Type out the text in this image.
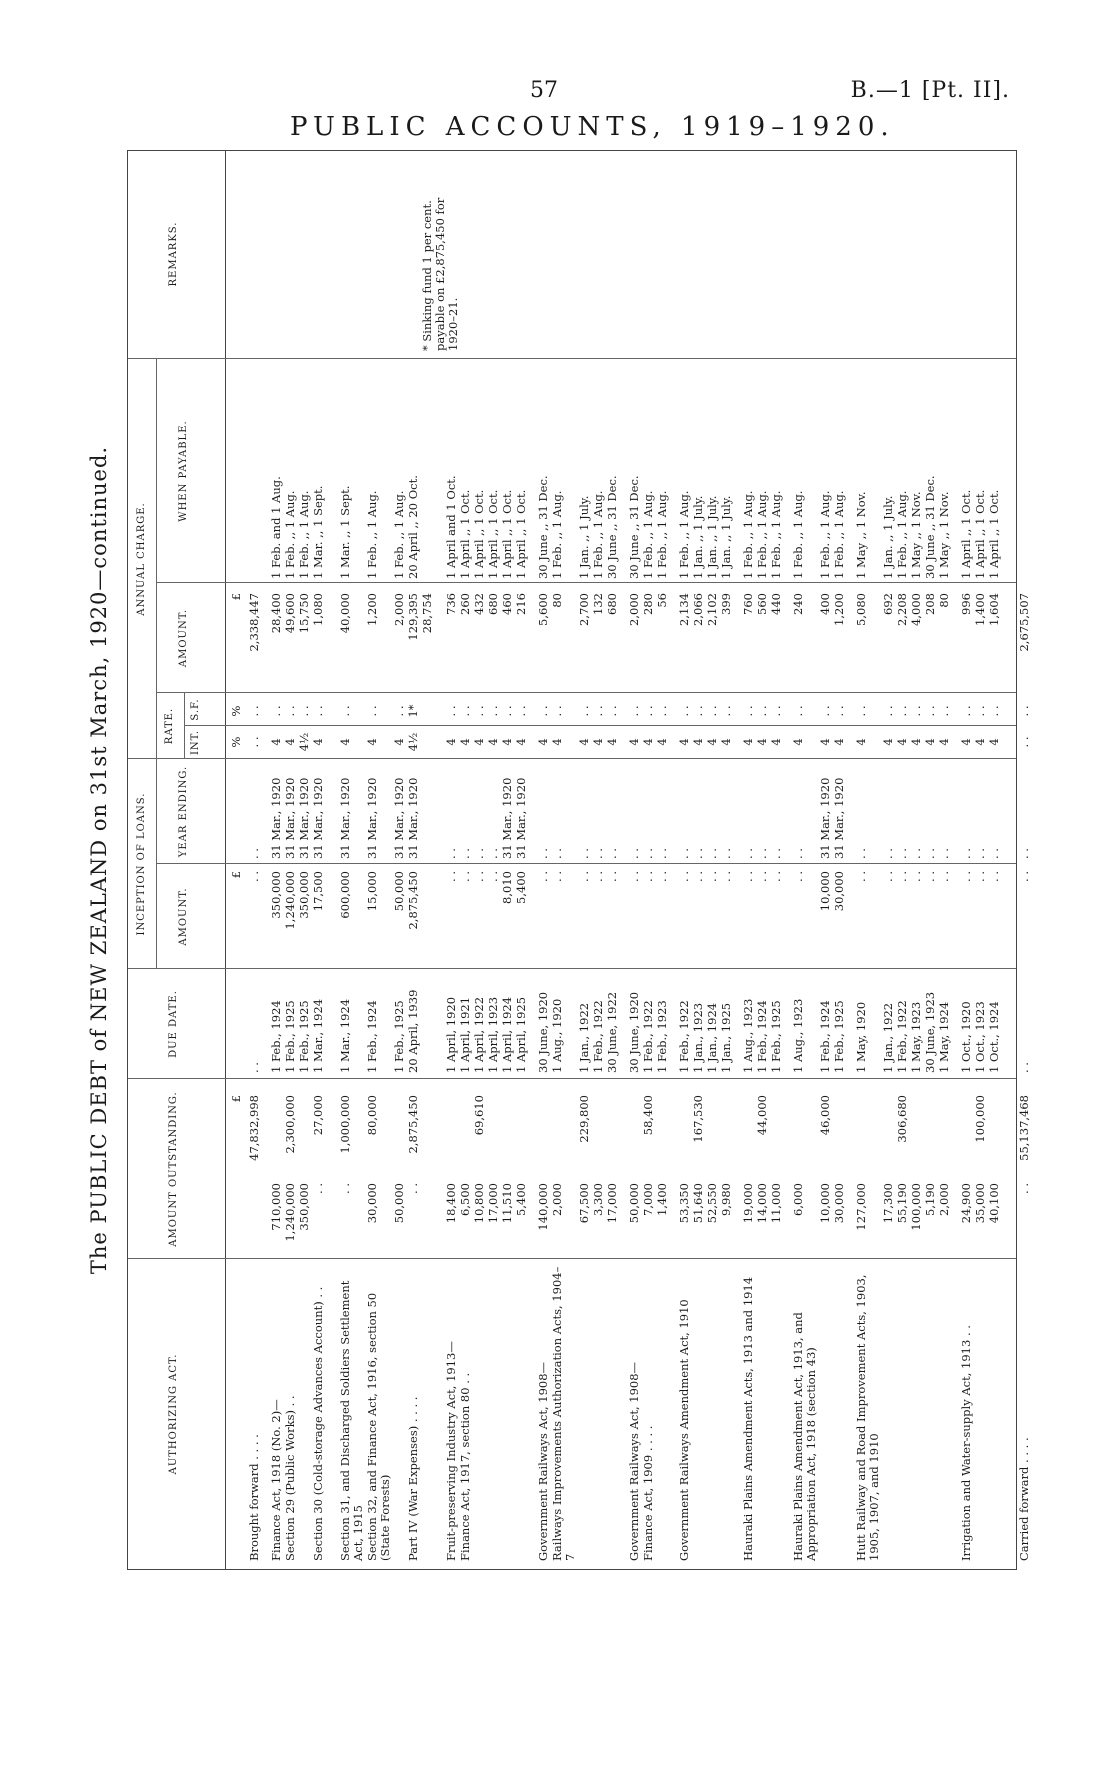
57	B.—1 [Pt. II].
PUBLIC ACCOUNTS, 1919–1920.
The PUBLIC DEBT of NEW ZEALAND on 31st March, 1920—continued.
AUTHORIZING ACT.
AMOUNT OUTSTANDING.
DUE DATE.
INCEPTION OF LOANS.	AMOUNT.
YEAR ENDING.
ANNUAL CHARGE.
RATE. INT.
S.F.
AMOUNT.
WHEN PAYABLE.
REMARKS.
£
£
%
%
£
Brought forward . . . .
47,832,998
. .
. .
. .
. .
. .
2,338,447
Finance Act, 1918 (No. 2)—
710,000
1 Feb., 1924
350,000
31 Mar., 1920
4
. .
28,400
1 Feb. and 1 Aug.
Section 29 (Public Works) . .
1,240,000
2,300,000
1 Feb., 1925
1,240,000
31 Mar., 1920
4
. .
49,600
1 Feb. ,, 1 Aug.
350,000
1 Feb., 1925
350,000
31 Mar., 1920
4½
. .
15,750
1 Feb. ,, 1 Aug.
Section 30 (Cold-storage Advances Account) . .
. .
27,000
1 Mar., 1924
17,500
31 Mar., 1920
4
. .
1,080
1 Mar. ,, 1 Sept.
Section 31, and Discharged Soldiers Settlement Act, 1915
. .
1,000,000
1 Mar., 1924
600,000
31 Mar., 1920
4
. .
40,000
1 Mar. ,, 1 Sept.
Section 32, and Finance Act, 1916, section 50 (State Forests)
30,000
80,000
1 Feb., 1924
15,000
31 Mar., 1920
4
. .
1,200
1 Feb. ,, 1 Aug.
50,000
1 Feb., 1925
50,000
31 Mar., 1920
4
. .
2,000
1 Feb. ,, 1 Aug.
Part IV (War Expenses) . . . .
. .
2,875,450
20 April, 1939
2,875,450
31 Mar., 1920
4½
1*
129,395
20 April ,, 20 Oct.
28,754
* Sinking fund 1 per cent. payable on £2,875,450 for 1920–21.
Fruit-preserving Industry Act, 1913—
18,400
1 April, 1920
. .
. .
4
. .
736
1 April and 1 Oct.
Finance Act, 1917, section 80 . .
6,500
1 April, 1921
. .
. .
4
. .
260
1 April ,, 1 Oct.
10,800
69,610
1 April, 1922
. .
. .
4
. .
432
1 April ,, 1 Oct.
17,000
1 April, 1923
. .
. .
4
. .
680
1 April ,, 1 Oct.
11,510
1 April, 1924
8,010
31 Mar., 1920
4
. .
460
1 April ,, 1 Oct.
5,400
1 April, 1925
5,400
31 Mar., 1920
4
. .
216
1 April ,, 1 Oct.
Government Railways Act, 1908—
140,000
30 June, 1920
. .
. .
4
. .
5,600
30 June ,, 31 Dec.
Railways Improvements Authorization Acts, 1904–7
2,000
1 Aug., 1920
. .
. .
4
. .
80
1 Feb. ,, 1 Aug.
67,500
229,800
1 Jan., 1922
. .
. .
4
. .
2,700
1 Jan. ,, 1 July.
3,300
1 Feb., 1922
. .
. .
4
. .
132
1 Feb. ,, 1 Aug.
17,000
30 June, 1922
. .
. .
4
. .
680
30 June ,, 31 Dec.
Government Railways Act, 1908—
50,000
30 June, 1920
. .
. .
4
. .
2,000
30 June ,, 31 Dec.
Finance Act, 1909 . . . .
7,000
58,400
1 Feb., 1922
. .
. .
4
. .
280
1 Feb. ,, 1 Aug.
1,400
1 Feb., 1923
. .
. .
4
. .
56
1 Feb. ,, 1 Aug.
Government Railways Amendment Act, 1910
53,350
1 Feb., 1922
. .
. .
4
. .
2,134
1 Feb. ,, 1 Aug.
51,640
167,530
1 Jan., 1923
. .
. .
4
. .
2,066
1 Jan. ,, 1 July.
52,550
1 Jan., 1924
. .
. .
4
. .
2,102
1 Jan. ,, 1 July.
9,980
1 Jan., 1925
. .
. .
4
. .
399
1 Jan. ,, 1 July.
Hauraki Plains Amendment Acts, 1913 and 1914
19,000
1 Aug., 1923
. .
. .
4
. .
760
1 Feb. ,, 1 Aug.
14,000
44,000
1 Feb., 1924
. .
. .
4
. .
560
1 Feb. ,, 1 Aug.
11,000
1 Feb., 1925
. .
. .
4
. .
440
1 Feb. ,, 1 Aug.
Hauraki Plains Amendment Act, 1913, and Appropriation Act, 1918 (section 43)
6,000
1 Aug., 1923
. .
. .
4
. .
240
1 Feb. ,, 1 Aug.
10,000
46,000
1 Feb., 1924
10,000
31 Mar., 1920
4
. .
400
1 Feb. ,, 1 Aug.
30,000
1 Feb., 1925
30,000
31 Mar., 1920
4
. .
1,200
1 Feb. ,, 1 Aug.
Hutt Railway and Road Improvement Acts, 1903, 1905, 1907, and 1910
127,000
1 May, 1920
. .
. .
4
. .
5,080
1 May ,, 1 Nov.
17,300
1 Jan., 1922
. .
. .
4
. .
692
1 Jan. ,, 1 July.
55,190
306,680
1 Feb., 1922
. .
. .
4
. .
2,208
1 Feb. ,, 1 Aug.
100,000
1 May, 1923
. .
. .
4
. .
4,000
1 May ,, 1 Nov.
5,190
30 June, 1923
. .
. .
4
. .
208
30 June ,, 31 Dec.
2,000
1 May, 1924
. .
. .
4
. .
80
1 May ,, 1 Nov.
Irrigation and Water-supply Act, 1913 . .
24,900
1 Oct., 1920
. .
. .
4
. .
996
1 April ,, 1 Oct.
35,000
100,000
1 Oct., 1923
. .
. .
4
. .
1,400
1 April ,, 1 Oct.
40,100
1 Oct., 1924
. .
. .
4
. .
1,604
1 April ,, 1 Oct.
Carried forward . . . .
. .
55,137,468
. .
. .
. .
. .
. .
2,675,507
